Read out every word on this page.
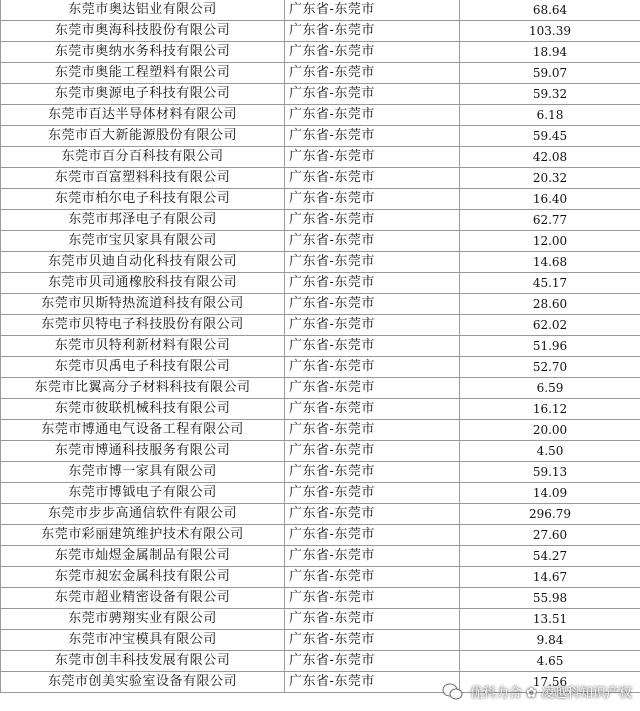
东莞市奥达铝业有限公司	广东省-东莞市	68.64
东莞市奥海科技股份有限公司	广东省-东莞市	103.39
东莞市奥纳水务科技有限公司	广东省-东莞市	18.94
东莞市奥能工程塑料有限公司	广东省-东莞市	59.07
东莞市奥源电子科技有限公司	广东省-东莞市	59.32
东莞市百达半导体材料有限公司	广东省-东莞市	6.18
东莞市百大新能源股份有限公司	广东省-东莞市	59.45
东莞市百分百科技有限公司	广东省-东莞市	42.08
东莞市百富塑料科技有限公司	广东省-东莞市	20.32
东莞市柏尔电子科技有限公司	广东省-东莞市	16.40
东莞市邦泽电子有限公司	广东省-东莞市	62.77
东莞市宝贝家具有限公司	广东省-东莞市	12.00
东莞市贝迪自动化科技有限公司	广东省-东莞市	14.68
东莞市贝司通橡胶科技有限公司	广东省-东莞市	45.17
东莞市贝斯特热流道科技有限公司	广东省-东莞市	28.60
东莞市贝特电子科技股份有限公司	广东省-东莞市	62.02
东莞市贝特利新材料有限公司	广东省-东莞市	51.96
东莞市贝禹电子科技有限公司	广东省-东莞市	52.70
东莞市比翼高分子材料科技有限公司	广东省-东莞市	6.59
东莞市彼联机械科技有限公司	广东省-东莞市	16.12
东莞市博通电气设备工程有限公司	广东省-东莞市	20.00
东莞市博通科技服务有限公司	广东省-东莞市	4.50
东莞市博一家具有限公司	广东省-东莞市	59.13
东莞市博钺电子有限公司	广东省-东莞市	14.09
东莞市步步高通信软件有限公司	广东省-东莞市	296.79
东莞市彩丽建筑维护技术有限公司	广东省-东莞市	27.60
东莞市灿煜金属制品有限公司	广东省-东莞市	54.27
东莞市昶宏金属科技有限公司	广东省-东莞市	14.67
东莞市超业精密设备有限公司	广东省-东莞市	55.98
东莞市骋翔实业有限公司	广东省-东莞市	13.51
东莞市冲宝模具有限公司	广东省-东莞市	9.84
东莞市创丰科技发展有限公司	广东省-东莞市	4.65
东莞市创美实验室设备有限公司	广东省-东莞市	17.56
优科力合 ✿ 凌越科知识产权
